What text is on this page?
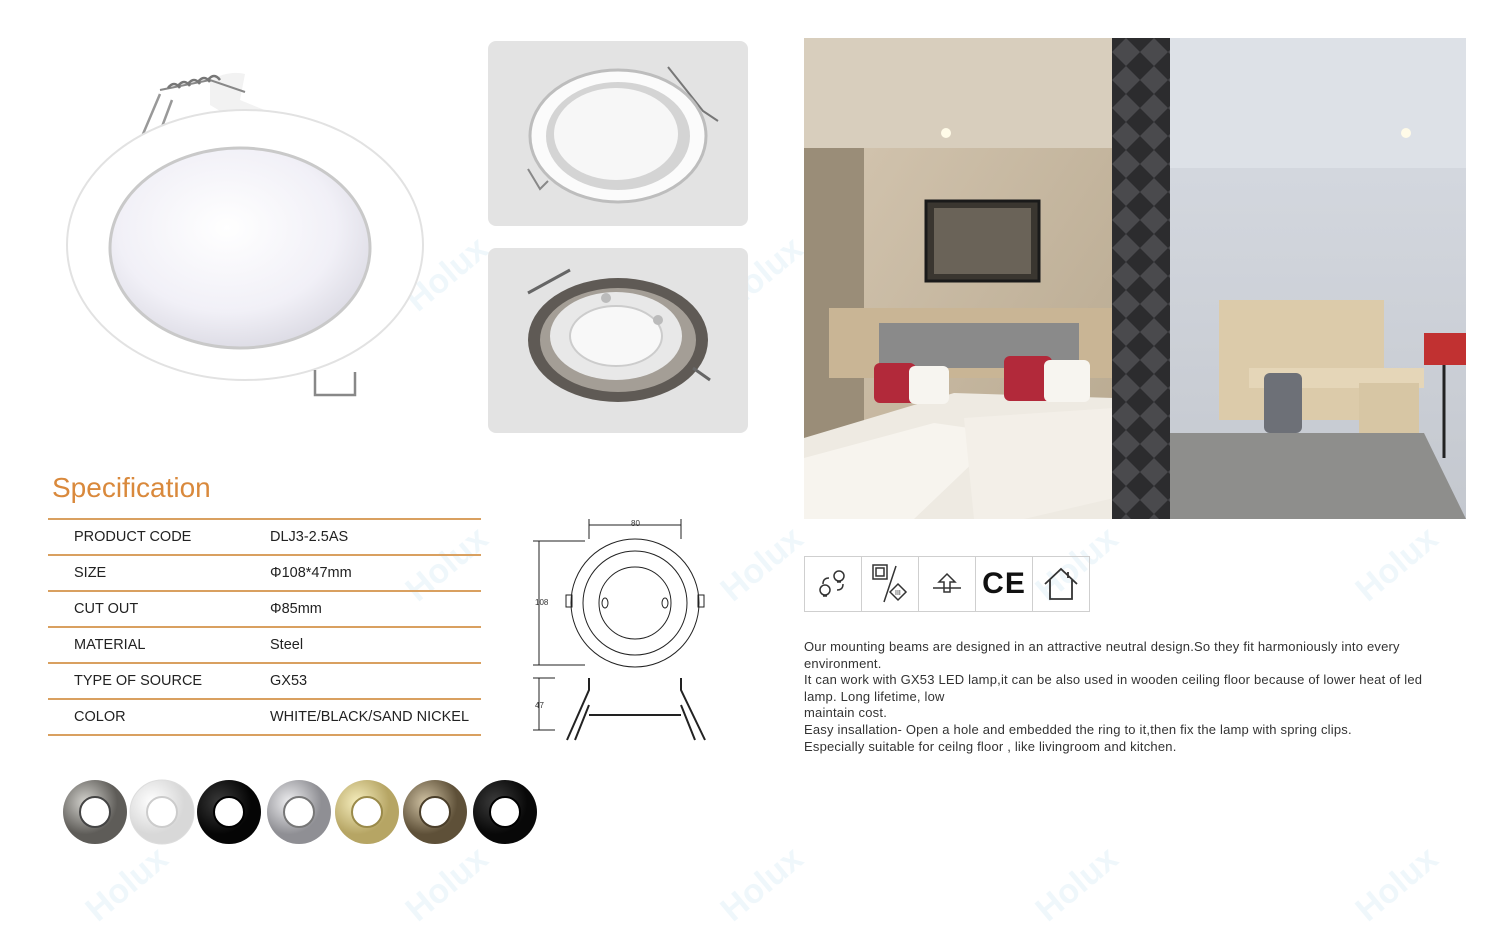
Holux	Holux
Holux	Holux	Holux	Holux
Holux	Holux	Holux	Holux	Holux
Specification
PRODUCT CODE	DLJ3-2.5AS
SIZE	Φ108*47mm
CUT OUT	Φ85mm
MATERIAL	Steel
TYPE OF SOURCE	GX53
COLOR	WHITE/BLACK/SAND NICKEL
80
108
47
III	CE

Our mounting beams are designed in an attractive neutral design.So they fit harmoniously into every environment.

It can work with GX53 LED lamp,it can be also used in wooden ceiling floor because of lower heat of led lamp. Long lifetime, low

maintain cost.

Easy insallation- Open a hole and embedded the ring to it,then fix the lamp with spring clips.

Especially suitable for ceilng floor , like livingroom and kitchen.
